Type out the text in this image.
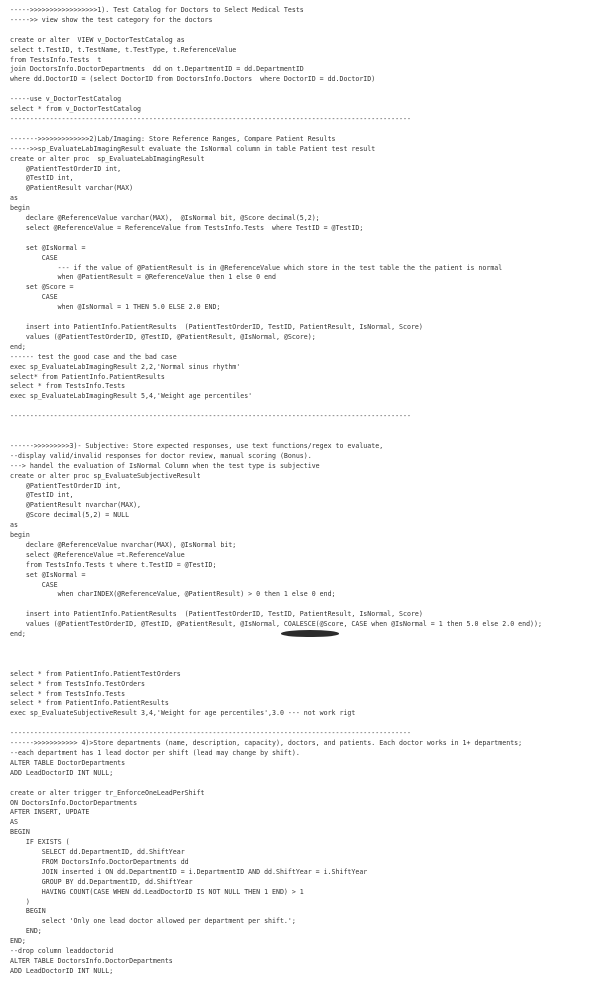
----->>>>>>>>>>>>>>>>>1). Test Catalog for Doctors to Select Medical Tests
----->> view show the test category for the doctors
create or alter  VIEW v_DoctorTestCatalog as
select t.TestID, t.TestName, t.TestType, t.ReferenceValue
from TestsInfo.Tests  t
join DoctorsInfo.DoctorDepartments  dd on t.DepartmentID = dd.DepartmentID
where dd.DoctorID = (select DoctorID from DoctorsInfo.Doctors  where DoctorID = dd.DoctorID)
-----use v_DoctorTestCatalog
select * from v_DoctorTestCatalog
-----------------------------------------------------------------------------------------------------
------->>>>>>>>>>>>>2)Lab/Imaging: Store Reference Ranges, Compare Patient Results
----->>sp_EvaluateLabImagingResult evaluate the IsNormal column in table Patient test result
create or alter proc  sp_EvaluateLabImagingResult
@PatientTestOrderID int,
@TestID int,
@PatientResult varchar(MAX)
as
begin
declare @ReferenceValue varchar(MAX),  @IsNormal bit, @Score decimal(5,2);
select @ReferenceValue = ReferenceValue from TestsInfo.Tests  where TestID = @TestID;
set @IsNormal =
CASE
--- if the value of @PatientResult is in @ReferenceValue which store in the test table the the patient is normal
when @PatientResult = @ReferenceValue then 1 else 0 end
set @Score =
CASE
when @IsNormal = 1 THEN 5.0 ELSE 2.0 END;
insert into PatientInfo.PatientResults  (PatientTestOrderID, TestID, PatientResult, IsNormal, Score)
values (@PatientTestOrderID, @TestID, @PatientResult, @IsNormal, @Score);
end;
------ test the good case and the bad case
exec sp_EvaluateLabImagingResult 2,2,'Normal sinus rhythm'
select* from PatientInfo.PatientResults
select * from TestsInfo.Tests
exec sp_EvaluateLabImagingResult 5,4,'Weight age percentiles'
-----------------------------------------------------------------------------------------------------
------>>>>>>>>>3)- Subjective: Store expected responses, use text functions/regex to evaluate,
--display valid/invalid responses for doctor review, manual scoring (Bonus).
---> handel the evaluation of IsNormal Column when the test type is subjective
create or alter proc sp_EvaluateSubjectiveResult
@PatientTestOrderID int,
@TestID int,
@PatientResult nvarchar(MAX),
@Score decimal(5,2) = NULL
as
begin
declare @ReferenceValue nvarchar(MAX), @IsNormal bit;
select @ReferenceValue =t.ReferenceValue
from TestsInfo.Tests t where t.TestID = @TestID;
set @IsNormal =
CASE
when charINDEX(@ReferenceValue, @PatientResult) > 0 then 1 else 0 end;
insert into PatientInfo.PatientResults  (PatientTestOrderID, TestID, PatientResult, IsNormal, Score)
values (@PatientTestOrderID, @TestID, @PatientResult, @IsNormal, COALESCE(@Score, CASE when @IsNormal = 1 then 5.0 else 2.0 end));
end;
select * from PatientInfo.PatientTestOrders
select * from TestsInfo.TestOrders
select * from TestsInfo.Tests
select * from PatientInfo.PatientResults
exec sp_EvaluateSubjectiveResult 3,4,'Weight for age percentiles',3.0 --- not work rigt
-----------------------------------------------------------------------------------------------------
------>>>>>>>>>>> 4)>Store departments (name, description, capacity), doctors, and patients. Each doctor works in 1+ departments;
--each department has 1 lead doctor per shift (lead may change by shift).
ALTER TABLE DoctorDepartments
ADD LeadDoctorID INT NULL;
create or alter trigger tr_EnforceOneLeadPerShift
ON DoctorsInfo.DoctorDepartments
AFTER INSERT, UPDATE
AS
BEGIN
IF EXISTS (
SELECT dd.DepartmentID, dd.ShiftYear
FROM DoctorsInfo.DoctorDepartments dd
JOIN inserted i ON dd.DepartmentID = i.DepartmentID AND dd.ShiftYear = i.ShiftYear
GROUP BY dd.DepartmentID, dd.ShiftYear
HAVING COUNT(CASE WHEN dd.LeadDoctorID IS NOT NULL THEN 1 END) > 1
)
BEGIN
select 'Only one lead doctor allowed per department per shift.';
END;
END;
--drop column leaddoctorid
ALTER TABLE DoctorsInfo.DoctorDepartments
ADD LeadDoctorID INT NULL;
